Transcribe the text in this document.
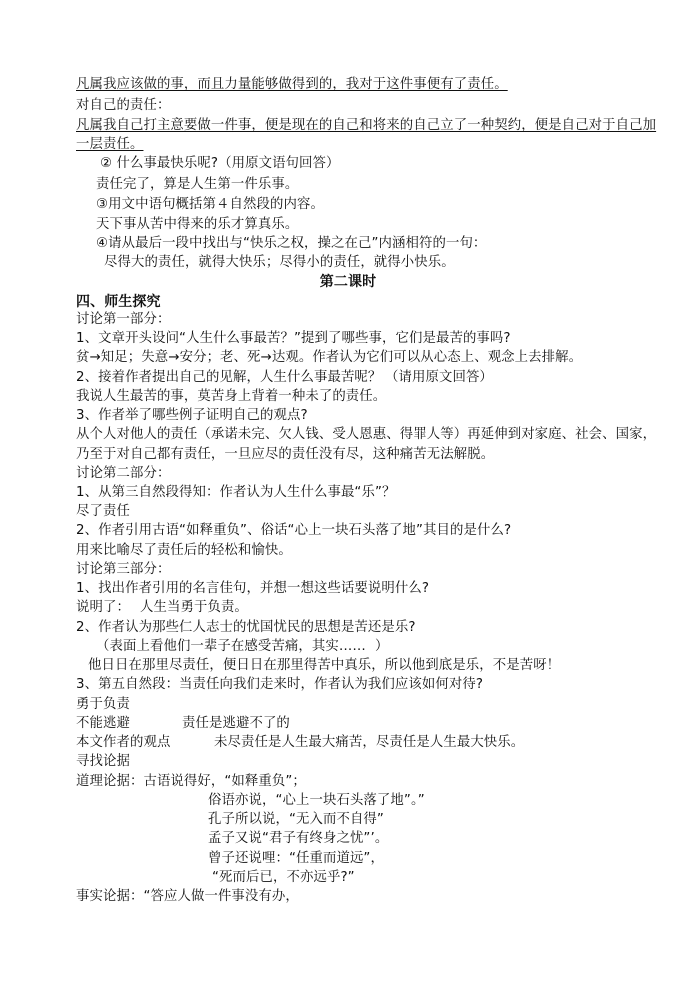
凡属我应该做的事，而且力量能够做得到的，我对于这件事便有了责任。
对自己的责任：
凡属我自己打主意要做一件事，便是现在的自己和将来的自己立了一种契约，便是自己对于自己加
一层责任。
② 什么事最快乐呢?（用原文语句回答）
责任完了，算是人生第一件乐事。
③用文中语句概括第４自然段的内容。
天下事从苦中得来的乐才算真乐。
④请从最后一段中找出与“快乐之权，操之在己”内涵相符的一句：
尽得大的责任，就得大快乐；尽得小的责任，就得小快乐。
第二课时
四、师生探究
讨论第一部分：
1、文章开头设问“人生什么事最苦？”提到了哪些事，它们是最苦的事吗?
贫→知足；失意→安分；老、死→达观。作者认为它们可以从心态上、观念上去排解。
2、接着作者提出自己的见解，人生什么事最苦呢？ （请用原文回答）
我说人生最苦的事，莫苦身上背着一种未了的责任。
3、作者举了哪些例子证明自己的观点?
从个人对他人的责任（承诺未完、欠人钱、受人恩惠、得罪人等）再延伸到对家庭、社会、国家，
乃至于对自己都有责任，一旦应尽的责任没有尽，这种痛苦无法解脱。
讨论第二部分：
1、从第三自然段得知：作者认为人生什么事最“乐”？
尽了责任
2、作者引用古语“如释重负”、俗话“心上一块石头落了地”其目的是什么?
用来比喻尽了责任后的轻松和愉快。
讨论第三部分：
1、找出作者引用的名言佳句，并想一想这些话要说明什么?
说明了： 人生当勇于负责。
2、作者认为那些仁人志士的忧国忧民的思想是苦还是乐?
（表面上看他们一辈子在感受苦痛，其实…… ）
他日日在那里尽责任，便日日在那里得苦中真乐，所以他到底是乐，不是苦呀！
3、第五自然段：当责任向我们走来时，作者认为我们应该如何对待?
勇于负责
不能逃避	责任是逃避不了的
本文作者的观点	未尽责任是人生最大痛苦，尽责任是人生最大快乐。
寻找论据
道理论据：古语说得好，“如释重负”；
俗语亦说，“心上一块石头落了地”。”
孔子所以说，“无入而不自得”
孟子又说“君子有终身之忧”’。
曾子还说哩：“任重而道远”，
“死而后已，不亦远乎?”
事实论据：“答应人做一件事没有办，
